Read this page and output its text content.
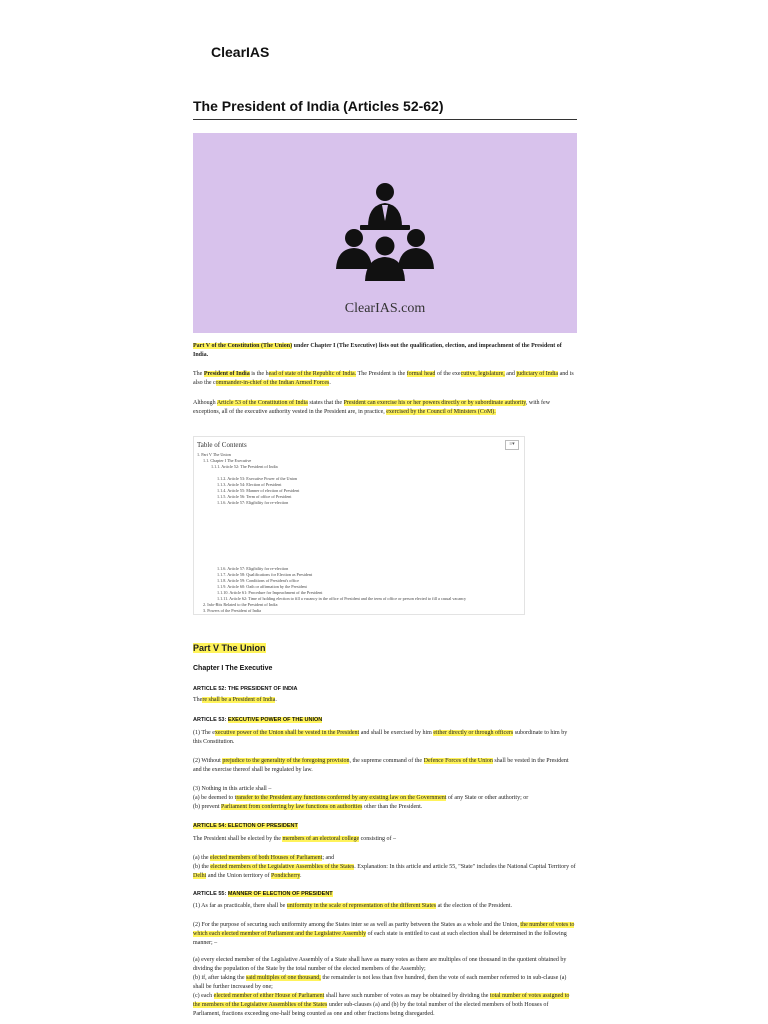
ClearIAS
The President of India (Articles 52-62)
ClearIAS.com
Part V of the Constitution (The Union) under Chapter I (The Executive) lists out the qualification, election, and impeachment of the President of India.
The President of India is the head of state of the Republic of India. The President is the formal head of the executive, legislature, and judiciary of India and is also the commander-in-chief of the Indian Armed Forces.
Although Article 53 of the Constitution of India states that the President can exercise his or her powers directly or by subordinate authority, with few exceptions, all of the executive authority vested in the President are, in practice, exercised by the Council of Ministers (CoM).
Table of Contents	≡▾
1. Part V The Union
1.1. Chapter I The Executive
1.1.1. Article 52: The President of India
1.1.2. Article 53: Executive Power of the Union
1.1.3. Article 54: Election of President
1.1.4. Article 55: Manner of election of President
1.1.5. Article 56: Term of office of President
1.1.6. Article 57: Eligibility for re-election
1.1.6. Article 57: Eligibility for re-election
1.1.7. Article 58: Qualifications for Election as President
1.1.8. Article 59: Conditions of President's office
1.1.9. Article 60: Oath or affirmation by the President
1.1.10. Article 61: Procedure for Impeachment of the President
1.1.11. Article 62: Time of holding election to fill a vacancy in the office of President and the term of office or person elected to fill a casual vacancy
2. Info-Bits Related to the President of India
3. Powers of the President of India
Part V The Union
Chapter I The Executive
ARTICLE 52: THE PRESIDENT OF INDIA
There shall be a President of India.
ARTICLE 53: EXECUTIVE POWER OF THE UNION
(1) The executive power of the Union shall be vested in the President and shall be exercised by him either directly or through officers subordinate to him by this Constitution.
(2) Without prejudice to the generality of the foregoing provision, the supreme command of the Defence Forces of the Union shall be vested in the President and the exercise thereof shall be regulated by law.
(3) Nothing in this article shall –
(a) be deemed to transfer to the President any functions conferred by any existing law on the Government of any State or other authority; or
(b) prevent Parliament from conferring by law functions on authorities other than the President.
ARTICLE 54: ELECTION OF PRESIDENT
The President shall be elected by the members of an electoral college consisting of –
(a) the elected members of both Houses of Parliament; and
(b) the elected members of the Legislative Assemblies of the States. Explanation: In this article and article 55, "State" includes the National Capital Territory of Delhi and the Union territory of Pondicherry.
ARTICLE 55: MANNER OF ELECTION OF PRESIDENT
(1) As far as practicable, there shall be uniformity in the scale of representation of the different States at the election of the President.
(2) For the purpose of securing such uniformity among the States inter se as well as parity between the States as a whole and the Union, the number of votes to which each elected member of Parliament and the Legislative Assembly of each state is entitled to cast at such election shall be determined in the following manner; –
(a) every elected member of the Legislative Assembly of a State shall have as many votes as there are multiples of one thousand in the quotient obtained by dividing the population of the State by the total number of the elected members of the Assembly;
(b) if, after taking the said multiples of one thousand, the remainder is not less than five hundred, then the vote of each member referred to in sub-clause (a) shall be further increased by one;
(c) each elected member of either House of Parliament shall have such number of votes as may be obtained by dividing the total number of votes assigned to the members of the Legislative Assemblies of the States under sub-clauses (a) and (b) by the total number of the elected members of both Houses of Parliament, fractions exceeding one-half being counted as one and other fractions being disregarded.
